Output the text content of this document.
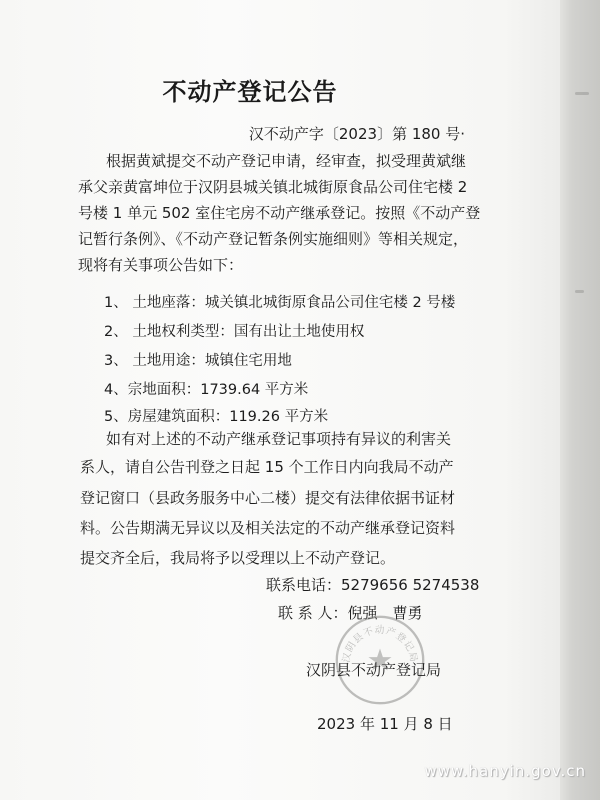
不动产登记公告
汉不动产字〔2023〕第 180 号·
根据黄斌提交不动产登记申请，经审查，拟受理黄斌继
承父亲黄富坤位于汉阴县城关镇北城街原食品公司住宅楼 2
号楼 1 单元 502 室住宅房不动产继承登记。按照《不动产登
记暂行条例》、《不动产登记暂条例实施细则》等相关规定，
现将有关事项公告如下：
1、 土地座落：城关镇北城街原食品公司住宅楼 2 号楼
2、 土地权利类型：国有出让土地使用权
3、 土地用途：城镇住宅用地
4、宗地面积：1739.64 平方米
5、房屋建筑面积：119.26 平方米
如有对上述的不动产继承登记事项持有异议的利害关
系人，请自公告刊登之日起 15 个工作日内向我局不动产
登记窗口（县政务服务中心二楼）提交有法律依据书证材
料。公告期满无异议以及相关法定的不动产继承登记资料
提交齐全后，我局将予以受理以上不动产登记。
联系电话：5279656 5274538
联 系 人：倪强　曹勇
汉阴县不动产登记局
汉阴县不动产登记局
2023 年 11 月 8 日
www.hanyin.gov.cn
